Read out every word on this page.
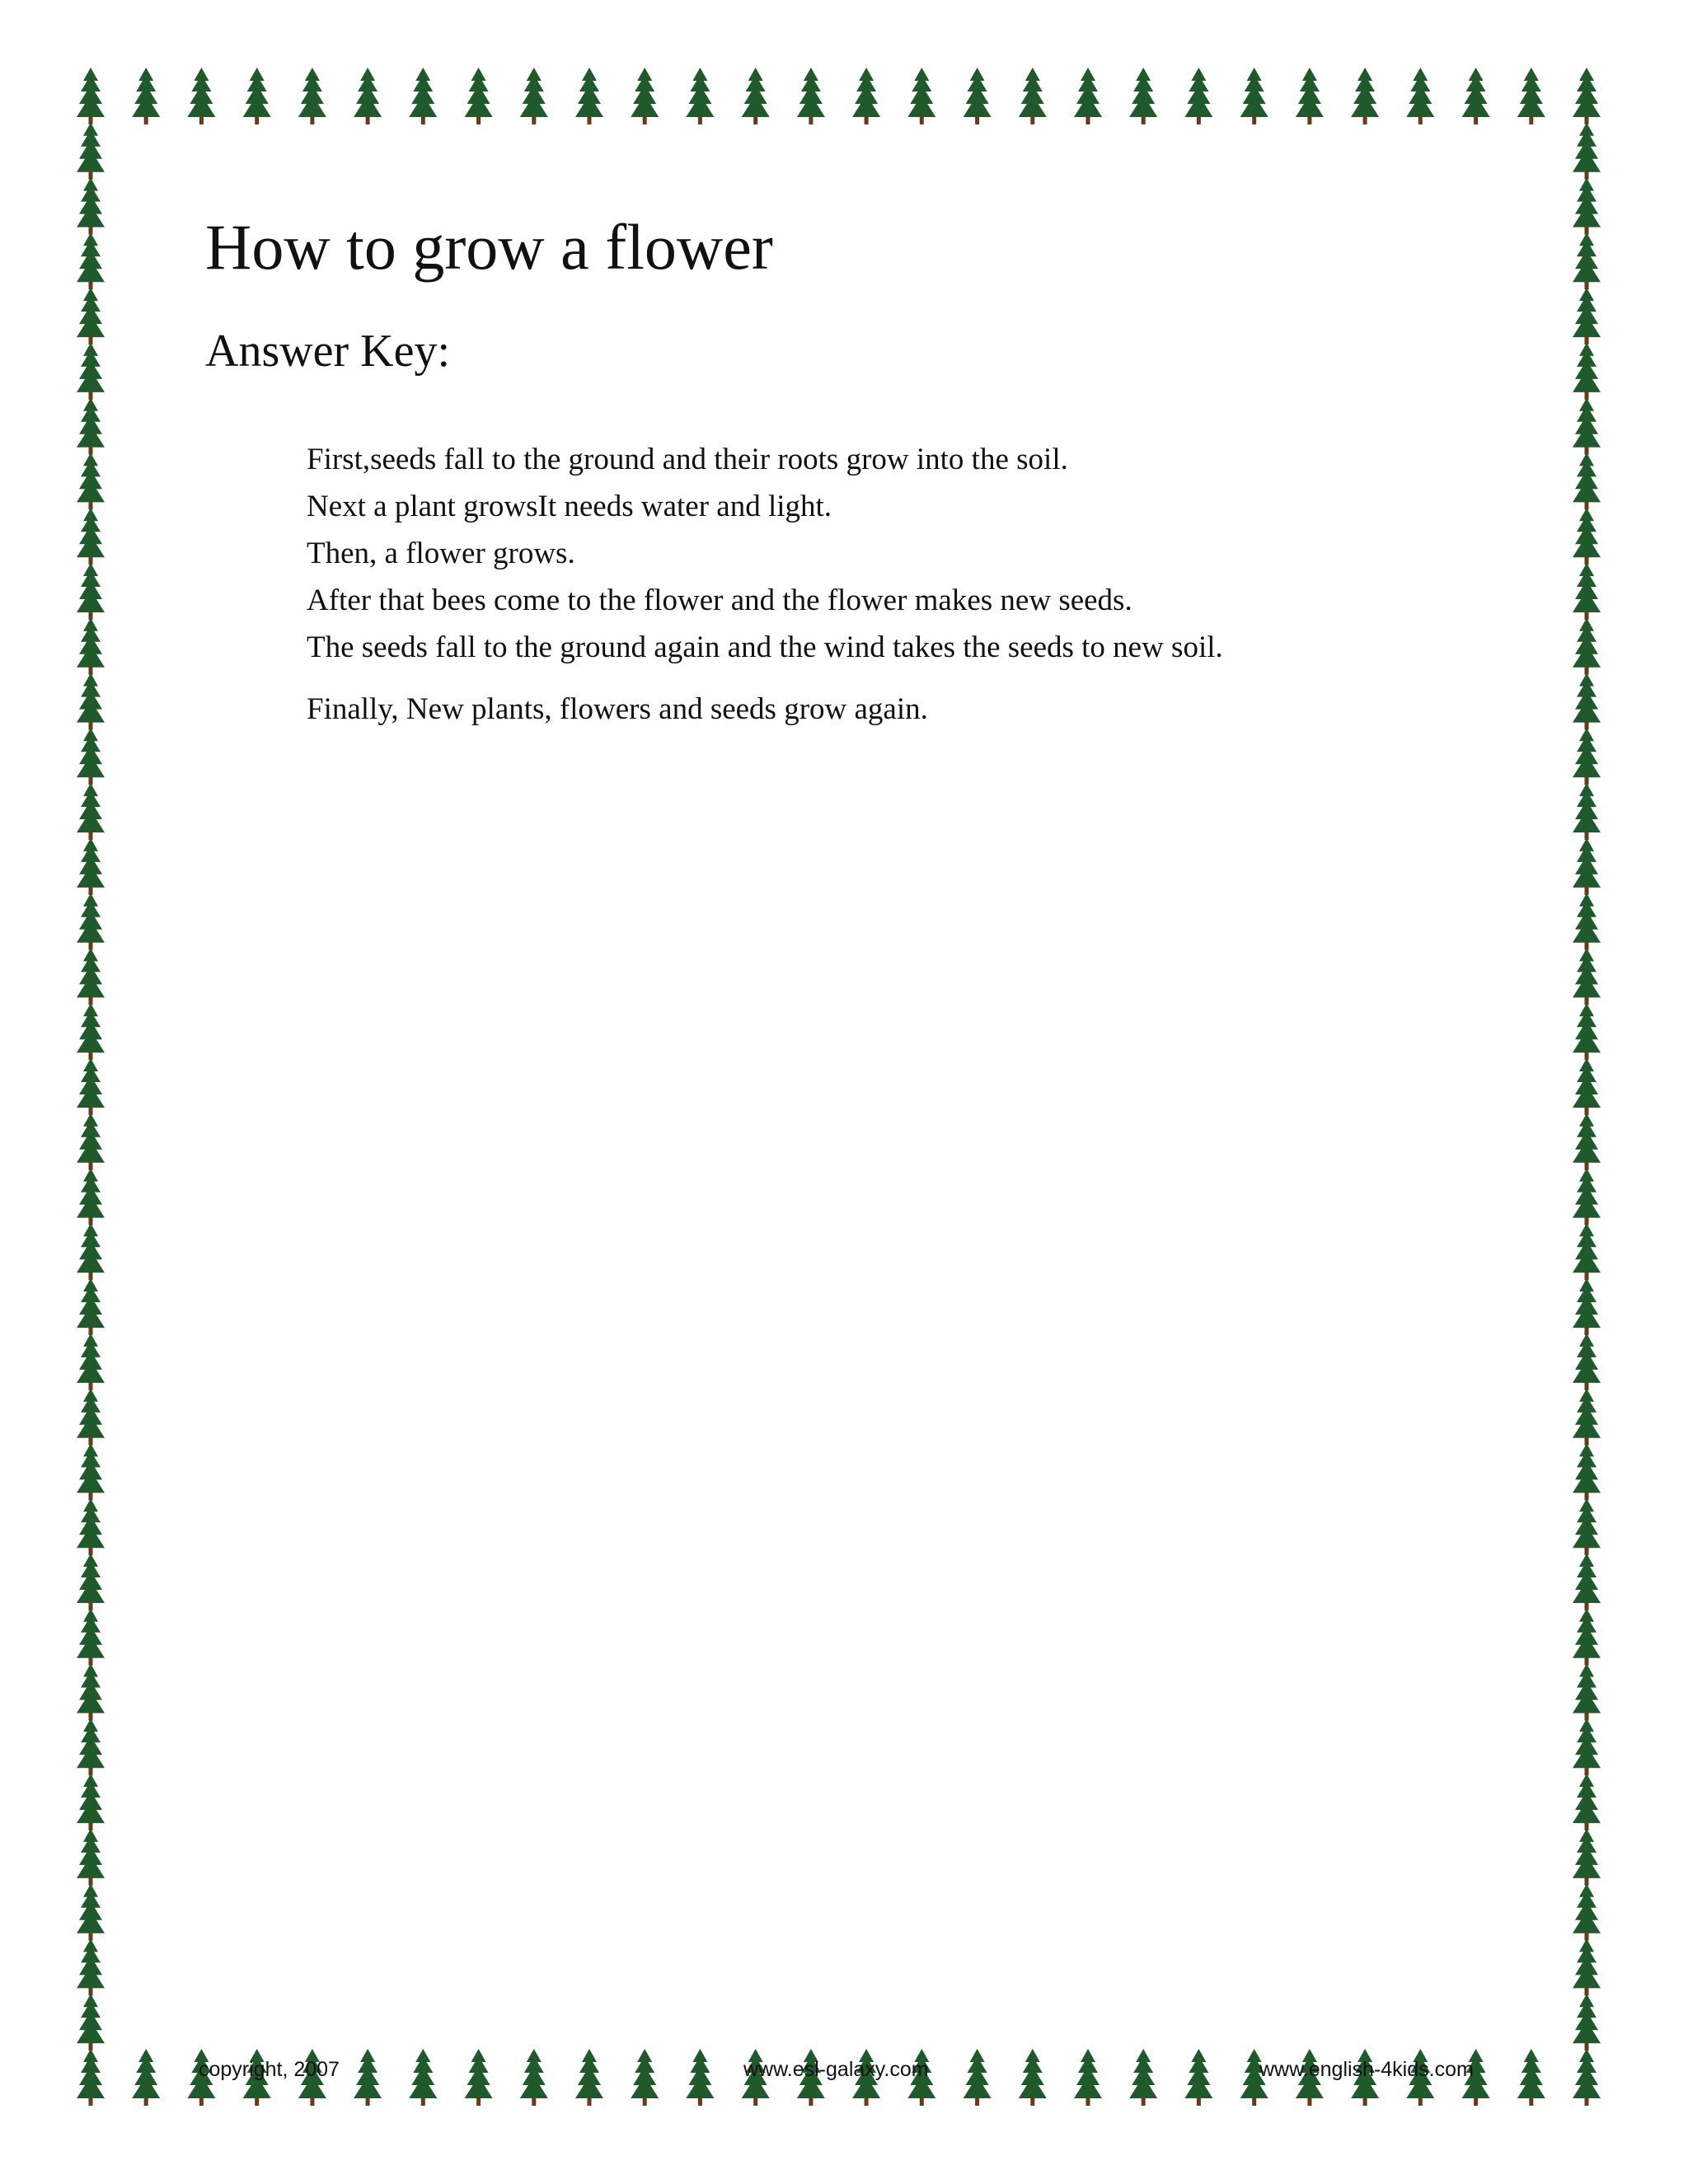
How to grow a flower
Answer Key:
First,seeds fall to the ground and their roots grow into the soil.
Next a plant growsIt needs water and light.
Then, a flower grows.
After that bees come to the flower and the flower makes new seeds.
The seeds fall to the ground again and the wind takes the seeds to new soil.
Finally, New plants, flowers and seeds grow again.
copyright, 2007	www.esl-galaxy.com	www.english-4kids.com
